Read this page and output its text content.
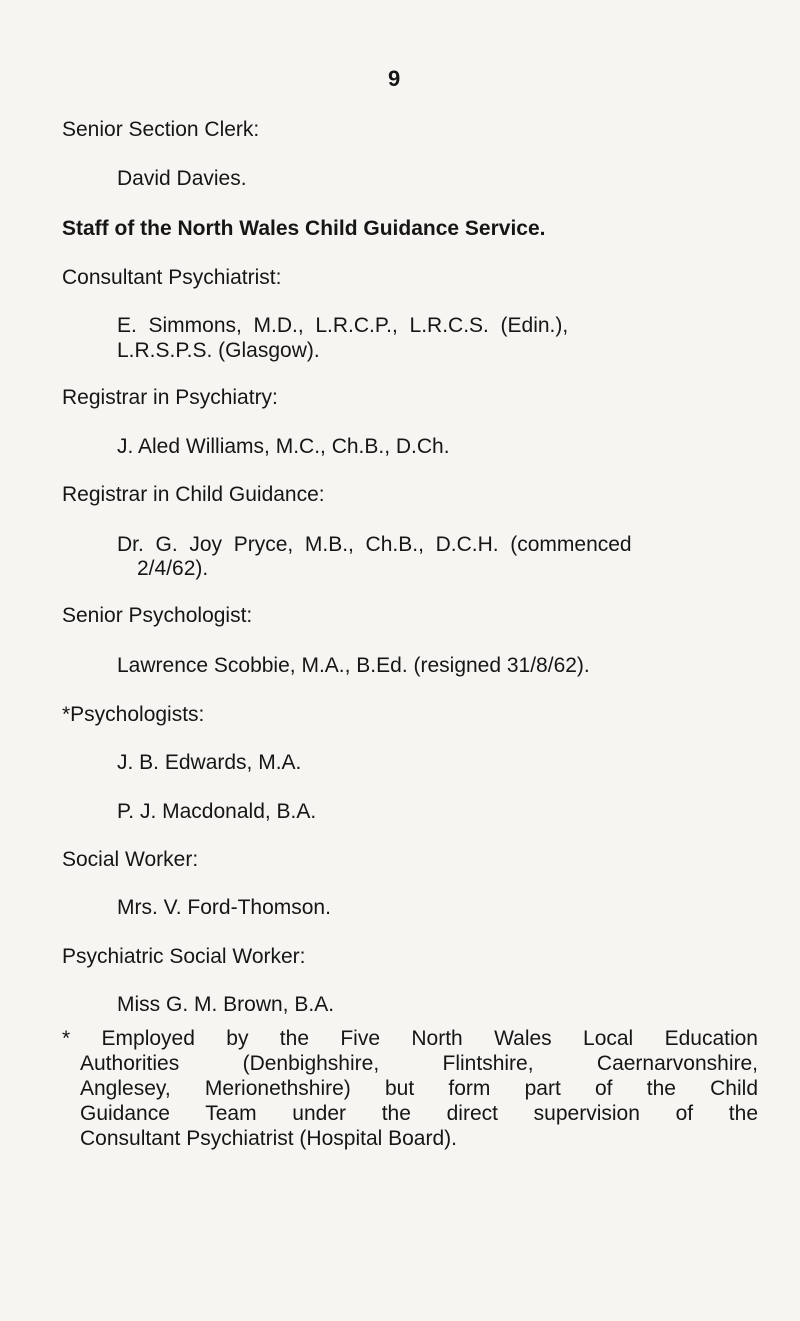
9
Senior Section Clerk:
David Davies.
Staff of the North Wales Child Guidance Service.
Consultant Psychiatrist:
E.  Simmons,  M.D.,  L.R.C.P.,  L.R.C.S.  (Edin.),
L.R.S.P.S. (Glasgow).
Registrar in Psychiatry:
J. Aled Williams, M.C., Ch.B., D.Ch.
Registrar in Child Guidance:
Dr.  G.  Joy  Pryce,  M.B.,  Ch.B.,  D.C.H.  (commenced
2/4/62).
Senior Psychologist:
Lawrence Scobbie, M.A., B.Ed. (resigned 31/8/62).
*Psychologists:
J. B. Edwards, M.A.
P. J. Macdonald, B.A.
Social Worker:
Mrs. V. Ford-Thomson.
Psychiatric Social Worker:
Miss G. M. Brown, B.A.
* Employed by the Five North Wales Local Education
Authorities (Denbighshire, Flintshire, Caernarvonshire,
Anglesey, Merionethshire) but form part of the Child
Guidance Team under the direct supervision of the
Consultant Psychiatrist (Hospital Board).
